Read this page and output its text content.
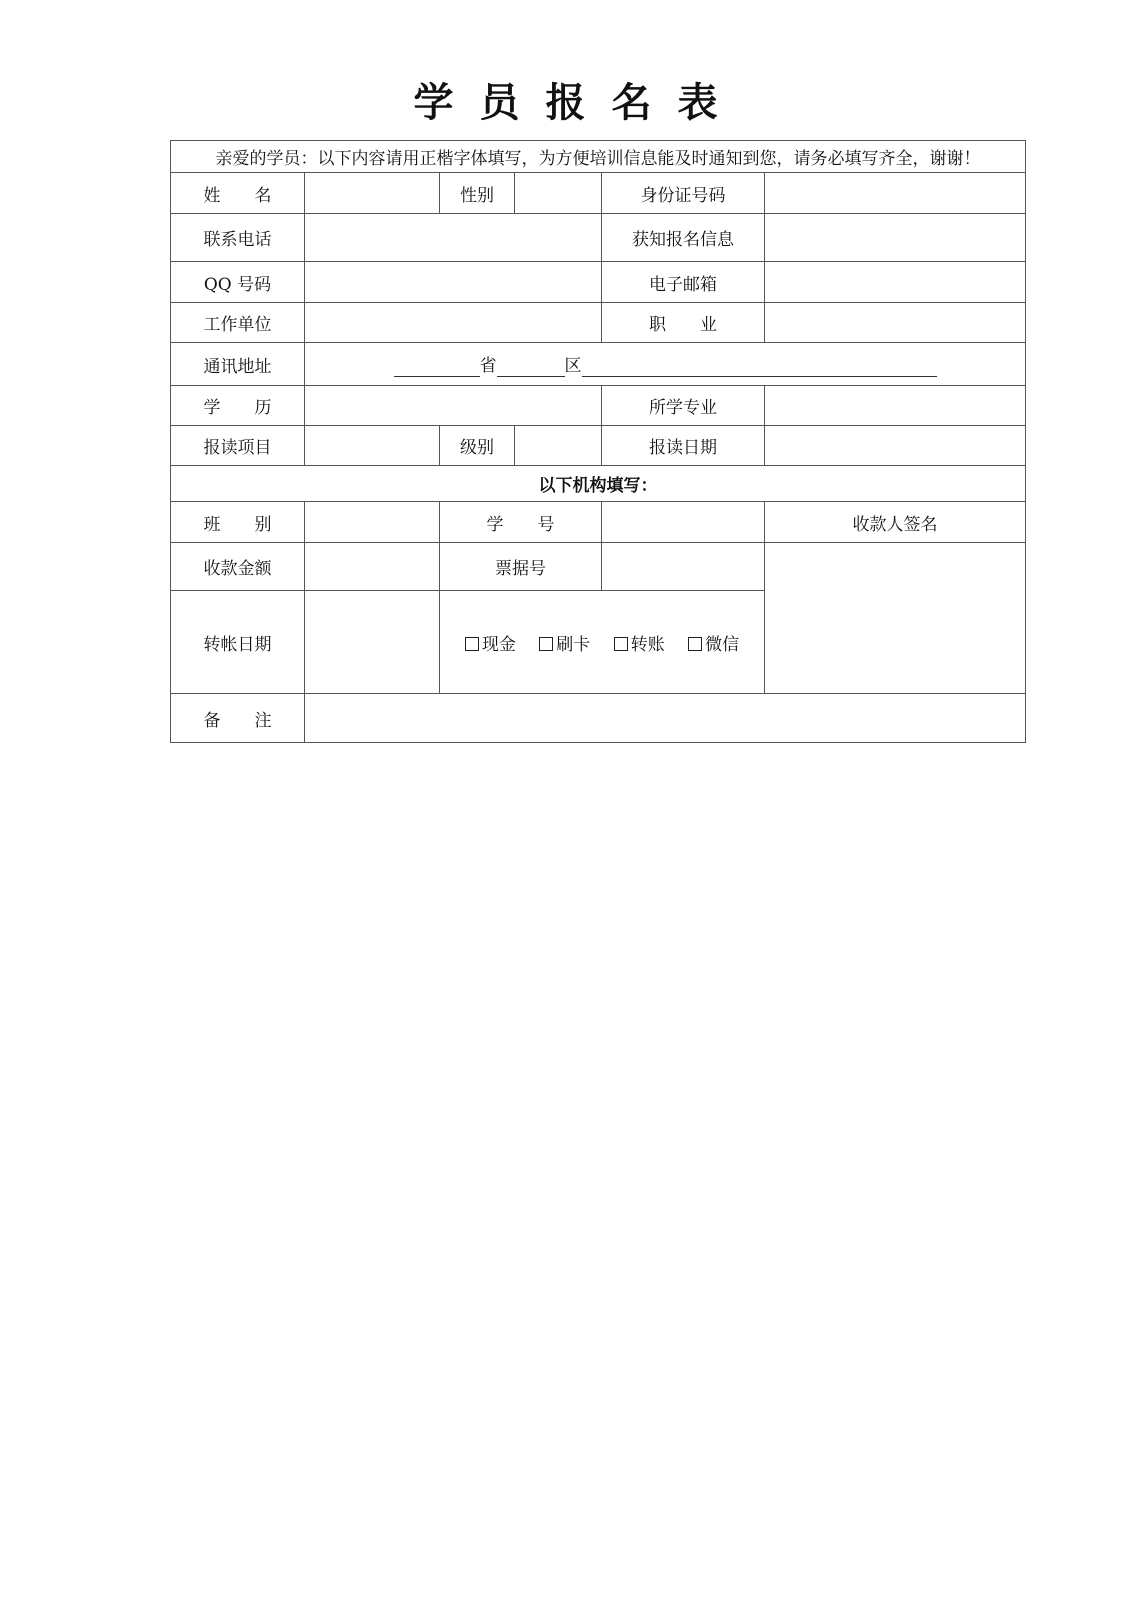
学员报名表
亲爱的学员：以下内容请用正楷字体填写，为方便培训信息能及时通知到您，请务必填写齐全，谢谢！					
姓　　名		性别		身份证号码	
联系电话				获知报名信息	
QQ 号码				电子邮箱	
工作单位				职　　业	
通讯地址	省 区				
学　　历				所学专业	
报读项目		级别		报读日期	
以下机构填写：					
班　　别		学　　号			收款人签名
收款金额		票据号			
转帐日期		现金 刷卡 转账 微信			
备　　注					
